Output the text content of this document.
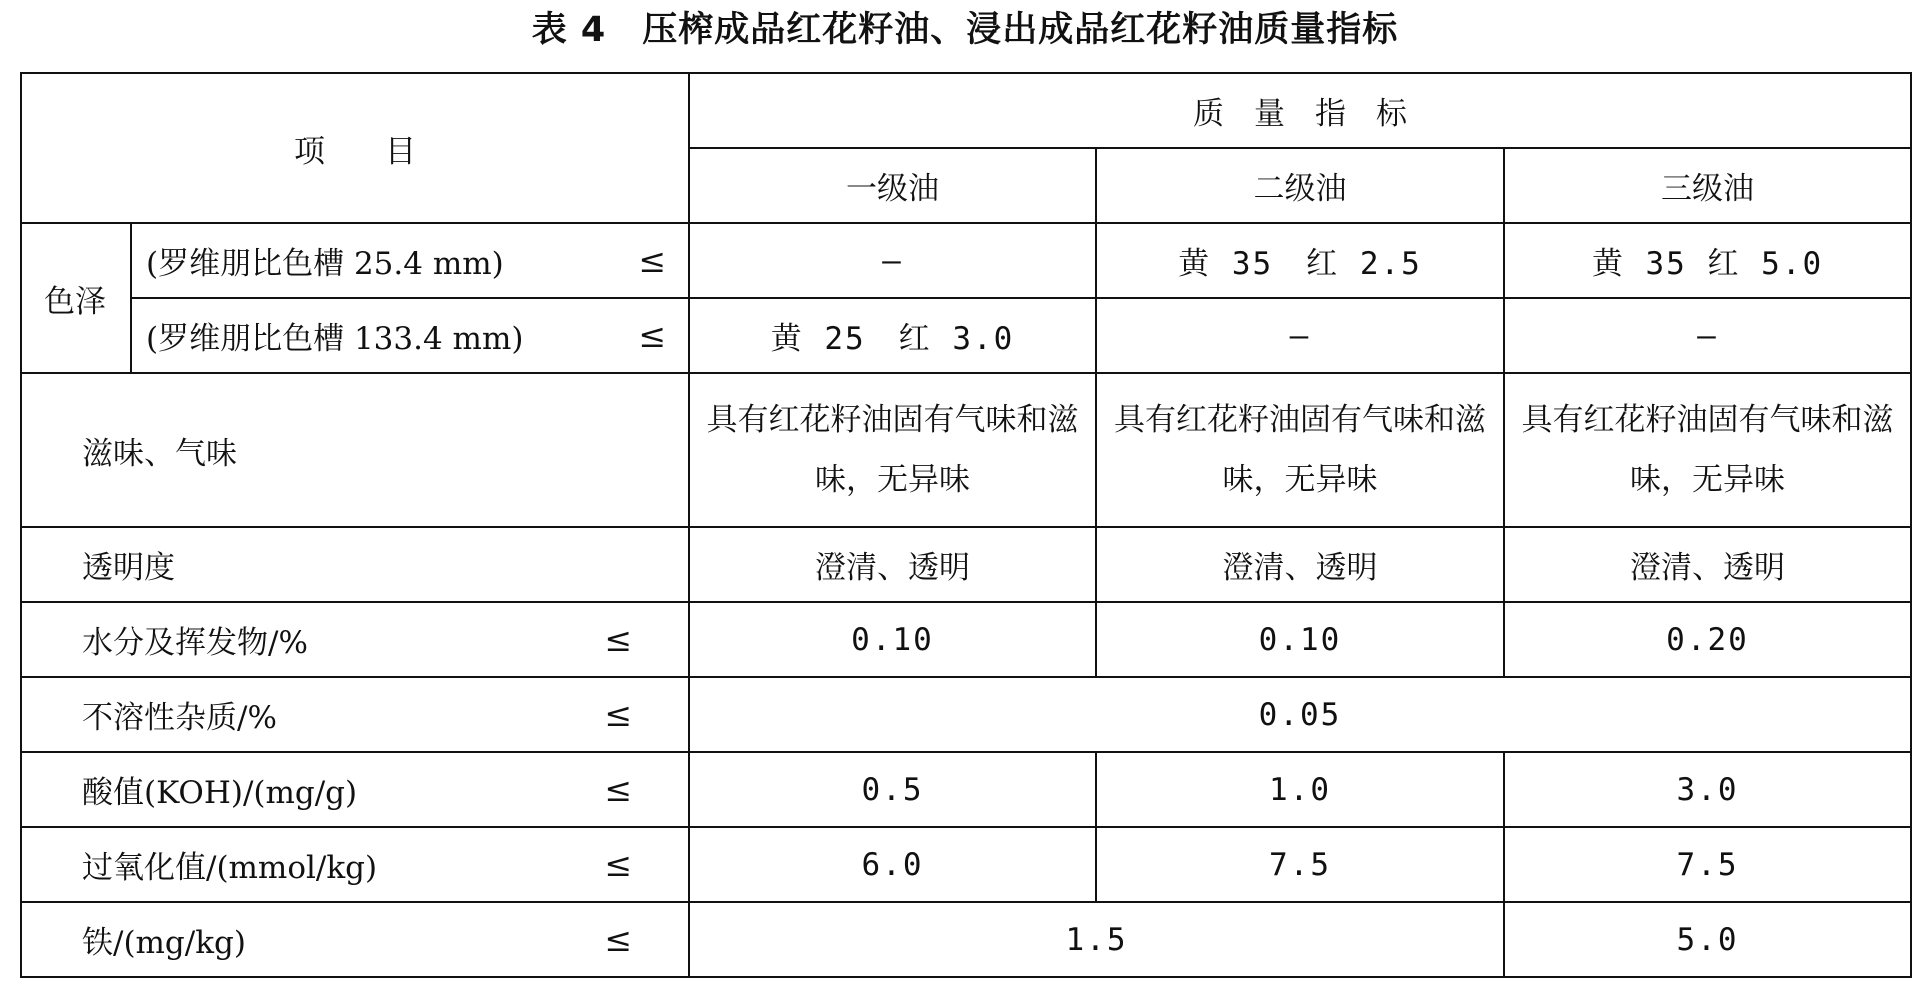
表 4　压榨成品红花籽油、浸出成品红花籽油质量指标
项目		质量指标		
		一级油	二级油	三级油
色泽	(罗维朋比色槽 25.4 mm) ≤	—	黄 35　红 2.5	黄 35 红 5.0

	(罗维朋比色槽 133.4 mm) ≤	黄 25　红 3.0	—	—
滋味、气味		具有红花籽油固有气味和滋味，无异味	具有红花籽油固有气味和滋味，无异味	具有红花籽油固有气味和滋味，无异味
透明度		澄清、透明	澄清、透明	澄清、透明

水分及挥发物/% ≤		0.10	0.10	0.20

不溶性杂质/% ≤		0.05		

酸值(KOH)/(mg/g) ≤		0.5	1.0	3.0

过氧化值/(mmol/kg) ≤		6.0	7.5	7.5

铁/(mg/kg) ≤		1.5		5.0
